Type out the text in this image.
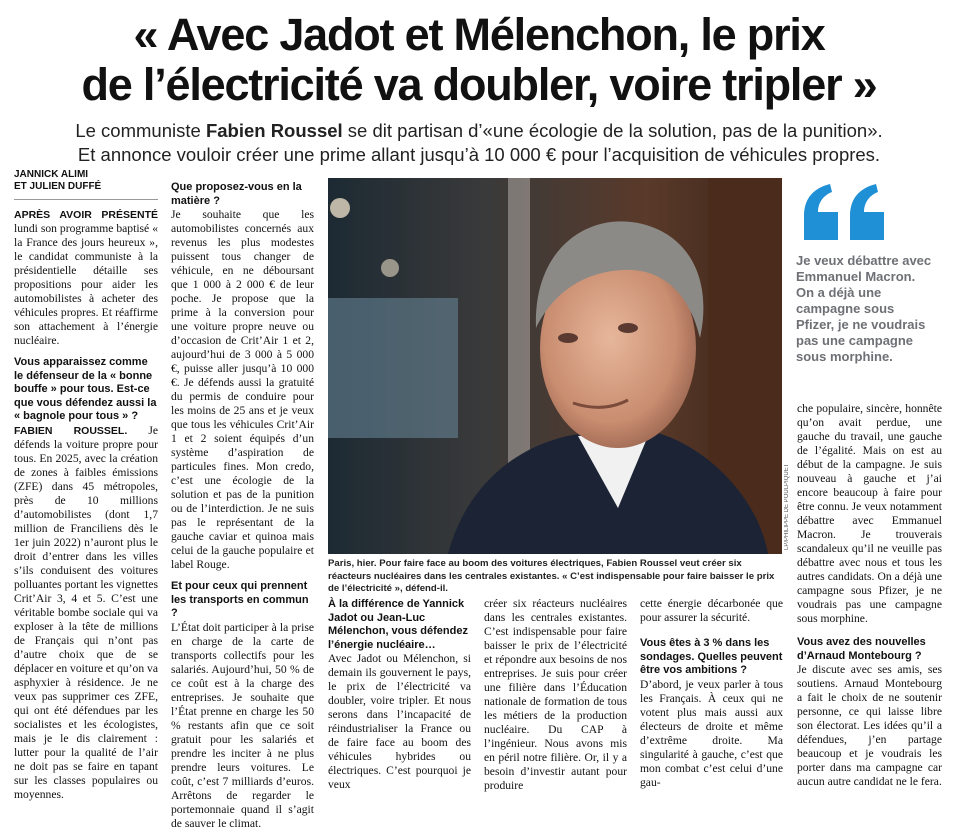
« Avec Jadot et Mélenchon, le prix
de l’électricité va doubler, voire tripler »
Le communiste Fabien Roussel se dit partisan d’«une écologie de la solution, pas de la punition».
Et annonce vouloir créer une prime allant jusqu’à 10 000 € pour l’acquisition de véhicules propres.
JANNICK ALIMI
ET JULIEN DUFFÉ

APRÈS AVOIR PRÉSENTÉ lundi son programme baptisé « la France des jours heureux », le candidat communiste à la présidentielle détaille ses propositions pour aider les automobilistes à acheter des véhicules propres. Et réaffirme son attachement à l’énergie nucléaire.

Vous apparaissez comme le défenseur de la « bonne bouffe » pour tous. Est-ce que vous défendez aussi la « bagnole pour tous » ?

FABIEN ROUSSEL. Je défends la voiture propre pour tous. En 2025, avec la création de zones à faibles émissions (ZFE) dans 45 métropoles, près de 10 millions d’automobilistes (dont 1,7 million de Franciliens dès le 1er juin 2022) n’auront plus le droit d’entrer dans les villes s’ils conduisent des voitures polluantes portant les vignettes Crit’Air 3, 4 et 5. C’est une véritable bombe sociale qui va exploser à la tête de millions de Français qui n’ont pas d’autre choix que de se déplacer en voiture et qu’on va asphyxier à résidence. Je ne veux pas supprimer ces ZFE, qui ont été défendues par les socialistes et les écologistes, mais je le dis clairement : lutter pour la qualité de l’air ne doit pas se faire en tapant sur les classes populaires ou moyennes.

Que proposez-vous en la matière ?

Je souhaite que les automobilistes concernés aux revenus les plus modestes puissent tous changer de véhicule, en ne déboursant que 1 000 à 2 000 € de leur poche. Je propose que la prime à la conversion pour une voiture propre neuve ou d’occasion de Crit’Air 1 et 2, aujourd’hui de 3 000 à 5 000 €, puisse aller jusqu’à 10 000 €. Je défends aussi la gratuité du permis de conduire pour les moins de 25 ans et je veux que tous les véhicules Crit’Air 1 et 2 soient équipés d’un système d’aspiration de particules fines. Mon credo, c’est une écologie de la solution et pas de la punition ou de l’interdiction. Je ne suis pas le représentant de la gauche caviar et quinoa mais celui de la gauche populaire et label Rouge.

Et pour ceux qui prennent les transports en commun ?

L’État doit participer à la prise en charge de la carte de transports collectifs pour les salariés. Aujourd’hui, 50 % de ce coût est à la charge des entreprises. Je souhaite que l’État prenne en charge les 50 % restants afin que ce soit gratuit pour les salariés et prendre les inciter à ne plus prendre leurs voitures. Le coût, c’est 7 milliards d’euros. Arrêtons de regarder le portemonnaie quand il s’agit de sauver le climat.

LP/PHILIPPE DE POULPIQUET
Paris, hier. Pour faire face au boom des voitures électriques, Fabien Roussel veut créer six réacteurs nucléaires dans les centrales existantes. « C’est indispensable pour faire baisser le prix de l’électricité », défend-il.
Je veux débattre avec Emmanuel Macron. On a déjà une campagne sous Pfizer, je ne voudrais pas une campagne sous morphine.

À la différence de Yannick Jadot ou Jean-Luc Mélenchon, vous défendez l’énergie nucléaire…

Avec Jadot ou Mélenchon, si demain ils gouvernent le pays, le prix de l’électricité va doubler, voire tripler. Et nous serons dans l’incapacité de réindustrialiser la France ou de faire face au boom des véhicules hybrides ou électriques. C’est pourquoi je veux

créer six réacteurs nucléaires dans les centrales existantes. C’est indispensable pour faire baisser le prix de l’électricité et répondre aux besoins de nos entreprises. Je suis pour créer une filière dans l’Éducation nationale de formation de tous les métiers de la production nucléaire. Du CAP à l’ingénieur. Nous avons mis en péril notre filière. Or, il y a besoin d’investir autant pour produire

cette énergie décarbonée que pour assurer la sécurité.

Vous êtes à 3 % dans les sondages. Quelles peuvent être vos ambitions ?

D’abord, je veux parler à tous les Français. À ceux qui ne votent plus mais aussi aux électeurs de droite et même d’extrême droite. Ma singularité à gauche, c’est que mon combat c’est celui d’une gau-

che populaire, sincère, honnête qu’on avait perdue, une gauche du travail, une gauche de l’égalité. Mais on est au début de la campagne. Je suis nouveau à gauche et j’ai encore beaucoup à faire pour être connu. Je veux notamment débattre avec Emmanuel Macron. Je trouverais scandaleux qu’il ne veuille pas débattre avec nous et tous les autres candidats. On a déjà une campagne sous Pfizer, je ne voudrais pas une campagne sous morphine.

Vous avez des nouvelles d’Arnaud Montebourg ?

Je discute avec ses amis, ses soutiens. Arnaud Montebourg a fait le choix de ne soutenir personne, ce qui laisse libre son électorat. Les idées qu’il a défendues, j’en partage beaucoup et je voudrais les porter dans ma campagne car aucun autre candidat ne le fera.
